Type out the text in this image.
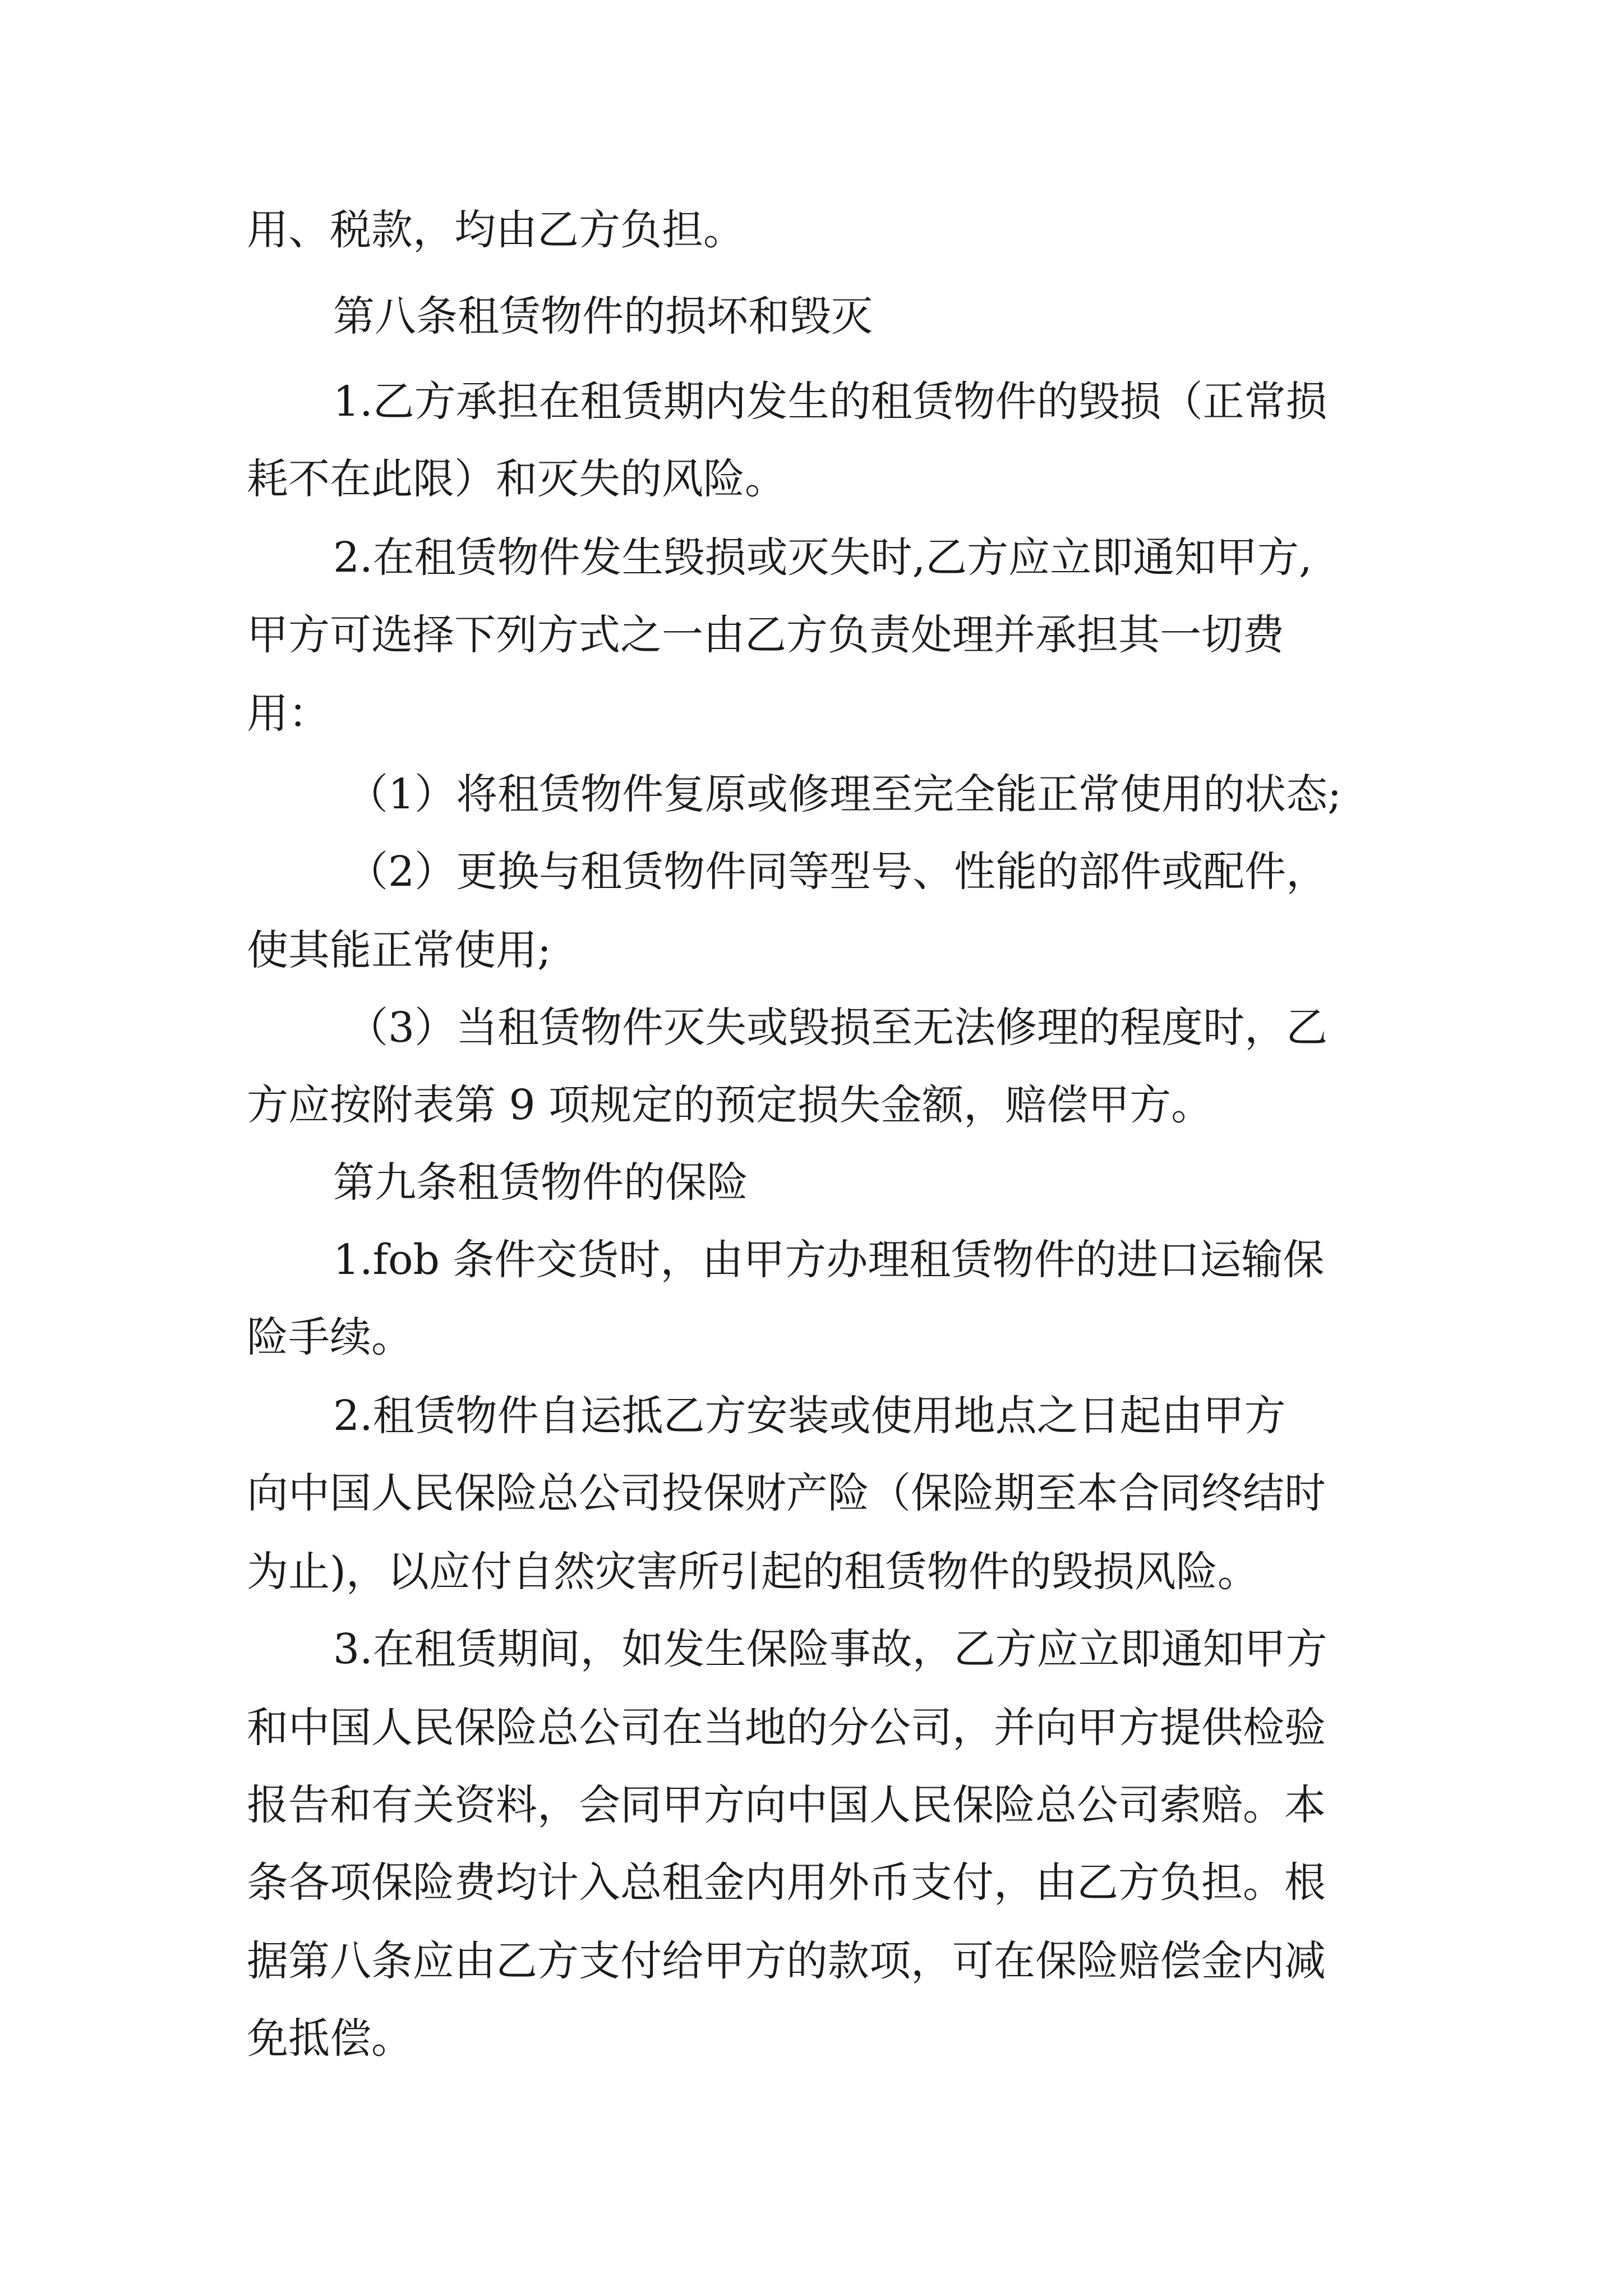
用、税款，均由乙方负担。
第八条租赁物件的损坏和毁灭
1.乙方承担在租赁期内发生的租赁物件的毁损（正常损
耗不在此限）和灭失的风险。
2.在租赁物件发生毁损或灭失时,乙方应立即通知甲方,
甲方可选择下列方式之一由乙方负责处理并承担其一切费
用：
（1）将租赁物件复原或修理至完全能正常使用的状态;
（2）更换与租赁物件同等型号、性能的部件或配件，
使其能正常使用;
（3）当租赁物件灭失或毁损至无法修理的程度时，乙
方应按附表第 9 项规定的预定损失金额，赔偿甲方。
第九条租赁物件的保险
1.fob 条件交货时，由甲方办理租赁物件的进口运输保
险手续。
2.租赁物件自运抵乙方安装或使用地点之日起由甲方
向中国人民保险总公司投保财产险（保险期至本合同终结时
为止)，以应付自然灾害所引起的租赁物件的毁损风险。
3.在租赁期间，如发生保险事故，乙方应立即通知甲方
和中国人民保险总公司在当地的分公司，并向甲方提供检验
报告和有关资料，会同甲方向中国人民保险总公司索赔。本
条各项保险费均计入总租金内用外币支付，由乙方负担。根
据第八条应由乙方支付给甲方的款项，可在保险赔偿金内减
免抵偿。
